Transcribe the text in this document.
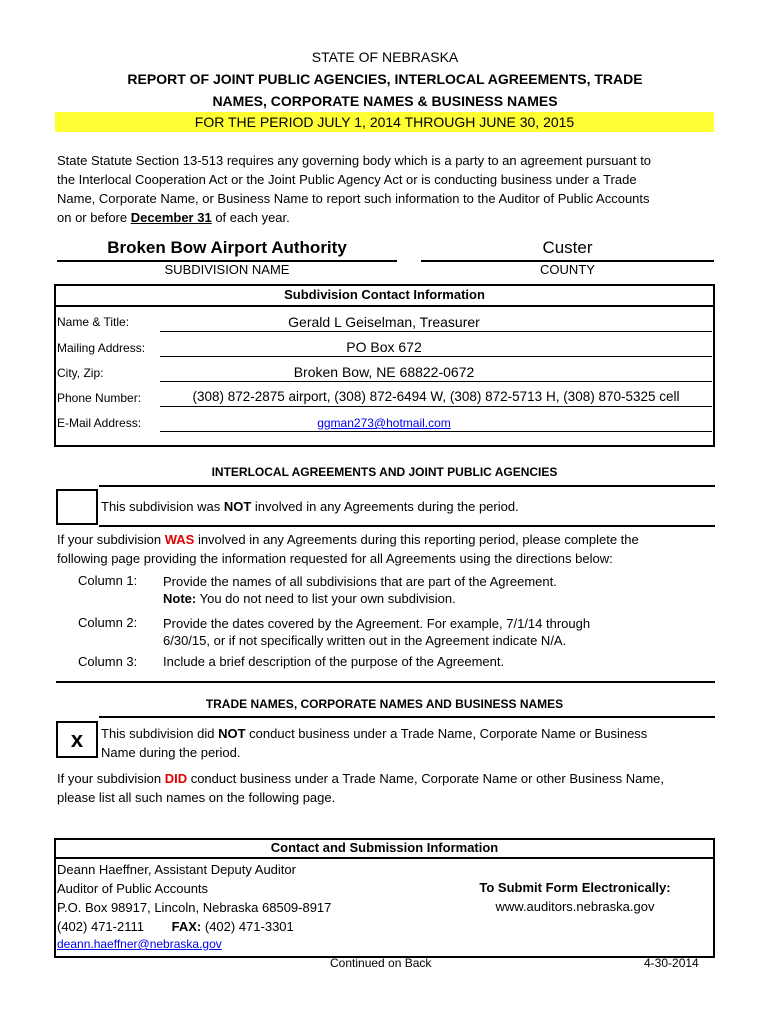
STATE OF NEBRASKA
REPORT OF JOINT PUBLIC AGENCIES, INTERLOCAL AGREEMENTS, TRADE
NAMES, CORPORATE NAMES & BUSINESS NAMES
FOR THE PERIOD JULY 1, 2014 THROUGH JUNE 30, 2015
State Statute Section 13-513 requires any governing body which is a party to an agreement pursuant to
the Interlocal Cooperation Act or the Joint Public Agency Act or is conducting business under a Trade
Name, Corporate Name, or Business Name to report such information to the Auditor of Public Accounts
on or before December 31 of each year.
Broken Bow Airport Authority
SUBDIVISION NAME
Custer
COUNTY
Subdivision Contact Information
Name & Title:	Gerald L Geiselman, Treasurer
Mailing Address:	PO Box 672
City, Zip:	Broken Bow, NE 68822-0672
Phone Number:	(308) 872-2875 airport, (308) 872-6494 W, (308) 872-5713 H, (308) 870-5325 cell
E-Mail Address:	ggman273@hotmail.com
INTERLOCAL AGREEMENTS AND JOINT PUBLIC AGENCIES
This subdivision was NOT involved in any Agreements during the period.
If your subdivision WAS involved in any Agreements during this reporting period, please complete the
following page providing the information requested for all Agreements using the directions below:
Column 1: Provide the names of all subdivisions that are part of the Agreement.
Note: You do not need to list your own subdivision.
Column 2: Provide the dates covered by the Agreement. For example, 7/1/14 through
6/30/15, or if not specifically written out in the Agreement indicate N/A.
Column 3: Include a brief description of the purpose of the Agreement.
TRADE NAMES, CORPORATE NAMES AND BUSINESS NAMES
x	This subdivision did NOT conduct business under a Trade Name, Corporate Name or Business
Name during the period.
If your subdivision DID conduct business under a Trade Name, Corporate Name or other Business Name,
please list all such names on the following page.
Contact and Submission Information
Deann Haeffner, Assistant Deputy Auditor
Auditor of Public Accounts
P.O. Box 98917, Lincoln, Nebraska 68509-8917
(402) 471-2111 FAX: (402) 471-3301
deann.haeffner@nebraska.gov
To Submit Form Electronically:
www.auditors.nebraska.gov
Continued on Back	4-30-2014
